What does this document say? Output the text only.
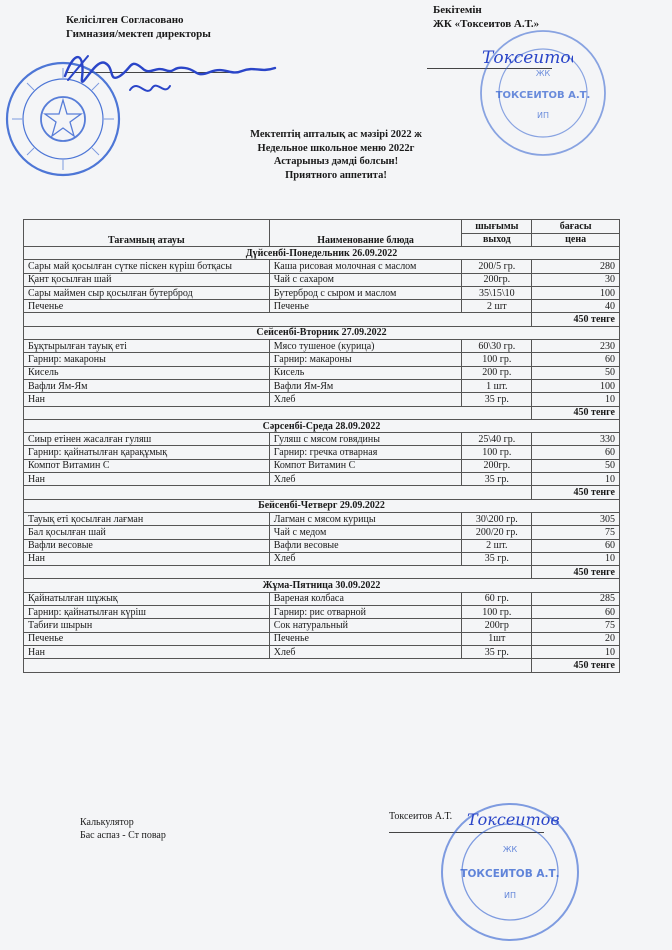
Келісілген Согласовано
Гимназия/мектеп директоры
Бекітемін
ЖК «Токсеитов А.Т.»
ЖК
ТОКСЕИТОВ А.Т.
ИП
Токсеитов
Мектептің апталық ас мәзірі 2022 ж
Недельное школьное меню 2022г
Астарыныз дәмді болсын!
Приятного аппетита!
Тағамның атауы	Наименование блюда	шығымы	бағасы
		выход	цена
Дүйсенбі-Понедельник 26.09.2022			
Сары май қосылған сүтке піскен күріш ботқасы	Каша рисовая молочная с маслом	200/5 гр.	280
Қант қосылған шай	Чай с сахаром	200гр.	30
Сары маймен сыр қосылған бутерброд	Бутерброд с сыром и маслом	35\15\10	100
Печенье	Печенье	2 шт	40
			450 тенге
Сейсенбі-Вторник 27.09.2022			
Бұқтырылған тауық еті	Мясо тушеное (курица)	60\30 гр.	230
Гарнир: макароны	Гарнир: макароны	100 гр.	60
Кисель	Кисель	200 гр.	50
Вафли Ям-Ям	Вафли Ям-Ям	1 шт.	100
Нан	Хлеб	35 гр.	10
			450 тенге
Сәрсенбі-Среда 28.09.2022			
Сиыр етінен жасалған гуляш	Гуляш с мясом говядины	25\40 гр.	330
Гарнир: қайнатылған қарақұмық	Гарнир: гречка отварная	100 гр.	60
Компот Витамин С	Компот Витамин С	200гр.	50
Нан	Хлеб	35 гр.	10
			450 тенге
Бейсенбі-Четверг 29.09.2022			
Тауық еті қосылған лағман	Лагман с мясом курицы	30\200 гр.	305
Бал қосылған шай	Чай с медом	200/20 гр.	75
Вафли весовые	Вафли весовые	2 шт.	60
Нан	Хлеб	35 гр.	10
			450 тенге
Жұма-Пятница 30.09.2022			
Қайнатылған шұжық	Вареная колбаса	60 гр.	285
Гарнир: қайнатылған күріш	Гарнир: рис отварной	100 гр.	60
Табиғи шырын	Сок натуральный	200гр	75
Печенье	Печенье	1шт	20
Нан	Хлеб	35 гр.	10
			450 тенге
Калькулятор
Бас аспаз - Ст повар
Токсеитов А.Т.
ЖК
ТОКСЕИТОВ А.Т.
ИП
Токсеитов
